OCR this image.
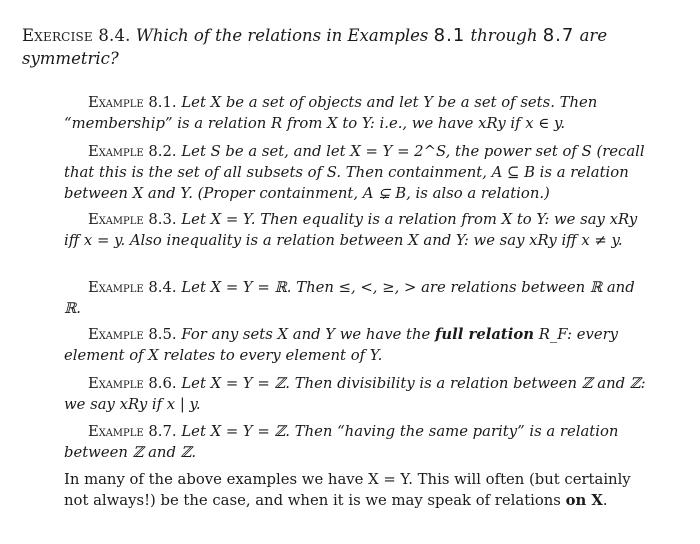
Exercise 8.4. Which of the relations in Examples 8.1 through 8.7 are symmetric?
Example 8.1. Let X be a set of objects and let Y be a set of sets. Then “membership” is a relation R from X to Y: i.e., we have xRy if x ∈ y.
Example 8.2. Let S be a set, and let X = Y = 2^S, the power set of S (recall that this is the set of all subsets of S. Then containment, A ⊆ B is a relation between X and Y. (Proper containment, A ⊊ B, is also a relation.)
Example 8.3. Let X = Y. Then equality is a relation from X to Y: we say xRy iff x = y. Also inequality is a relation between X and Y: we say xRy iff x ≠ y.
Example 8.4. Let X = Y = ℝ. Then ≤, <, ≥, > are relations between ℝ and ℝ.
Example 8.5. For any sets X and Y we have the full relation R_F: every element of X relates to every element of Y.
Example 8.6. Let X = Y = ℤ. Then divisibility is a relation between ℤ and ℤ: we say xRy if x | y.
Example 8.7. Let X = Y = ℤ. Then “having the same parity” is a relation between ℤ and ℤ.
In many of the above examples we have X = Y. This will often (but certainly not always!) be the case, and when it is we may speak of relations on X.
